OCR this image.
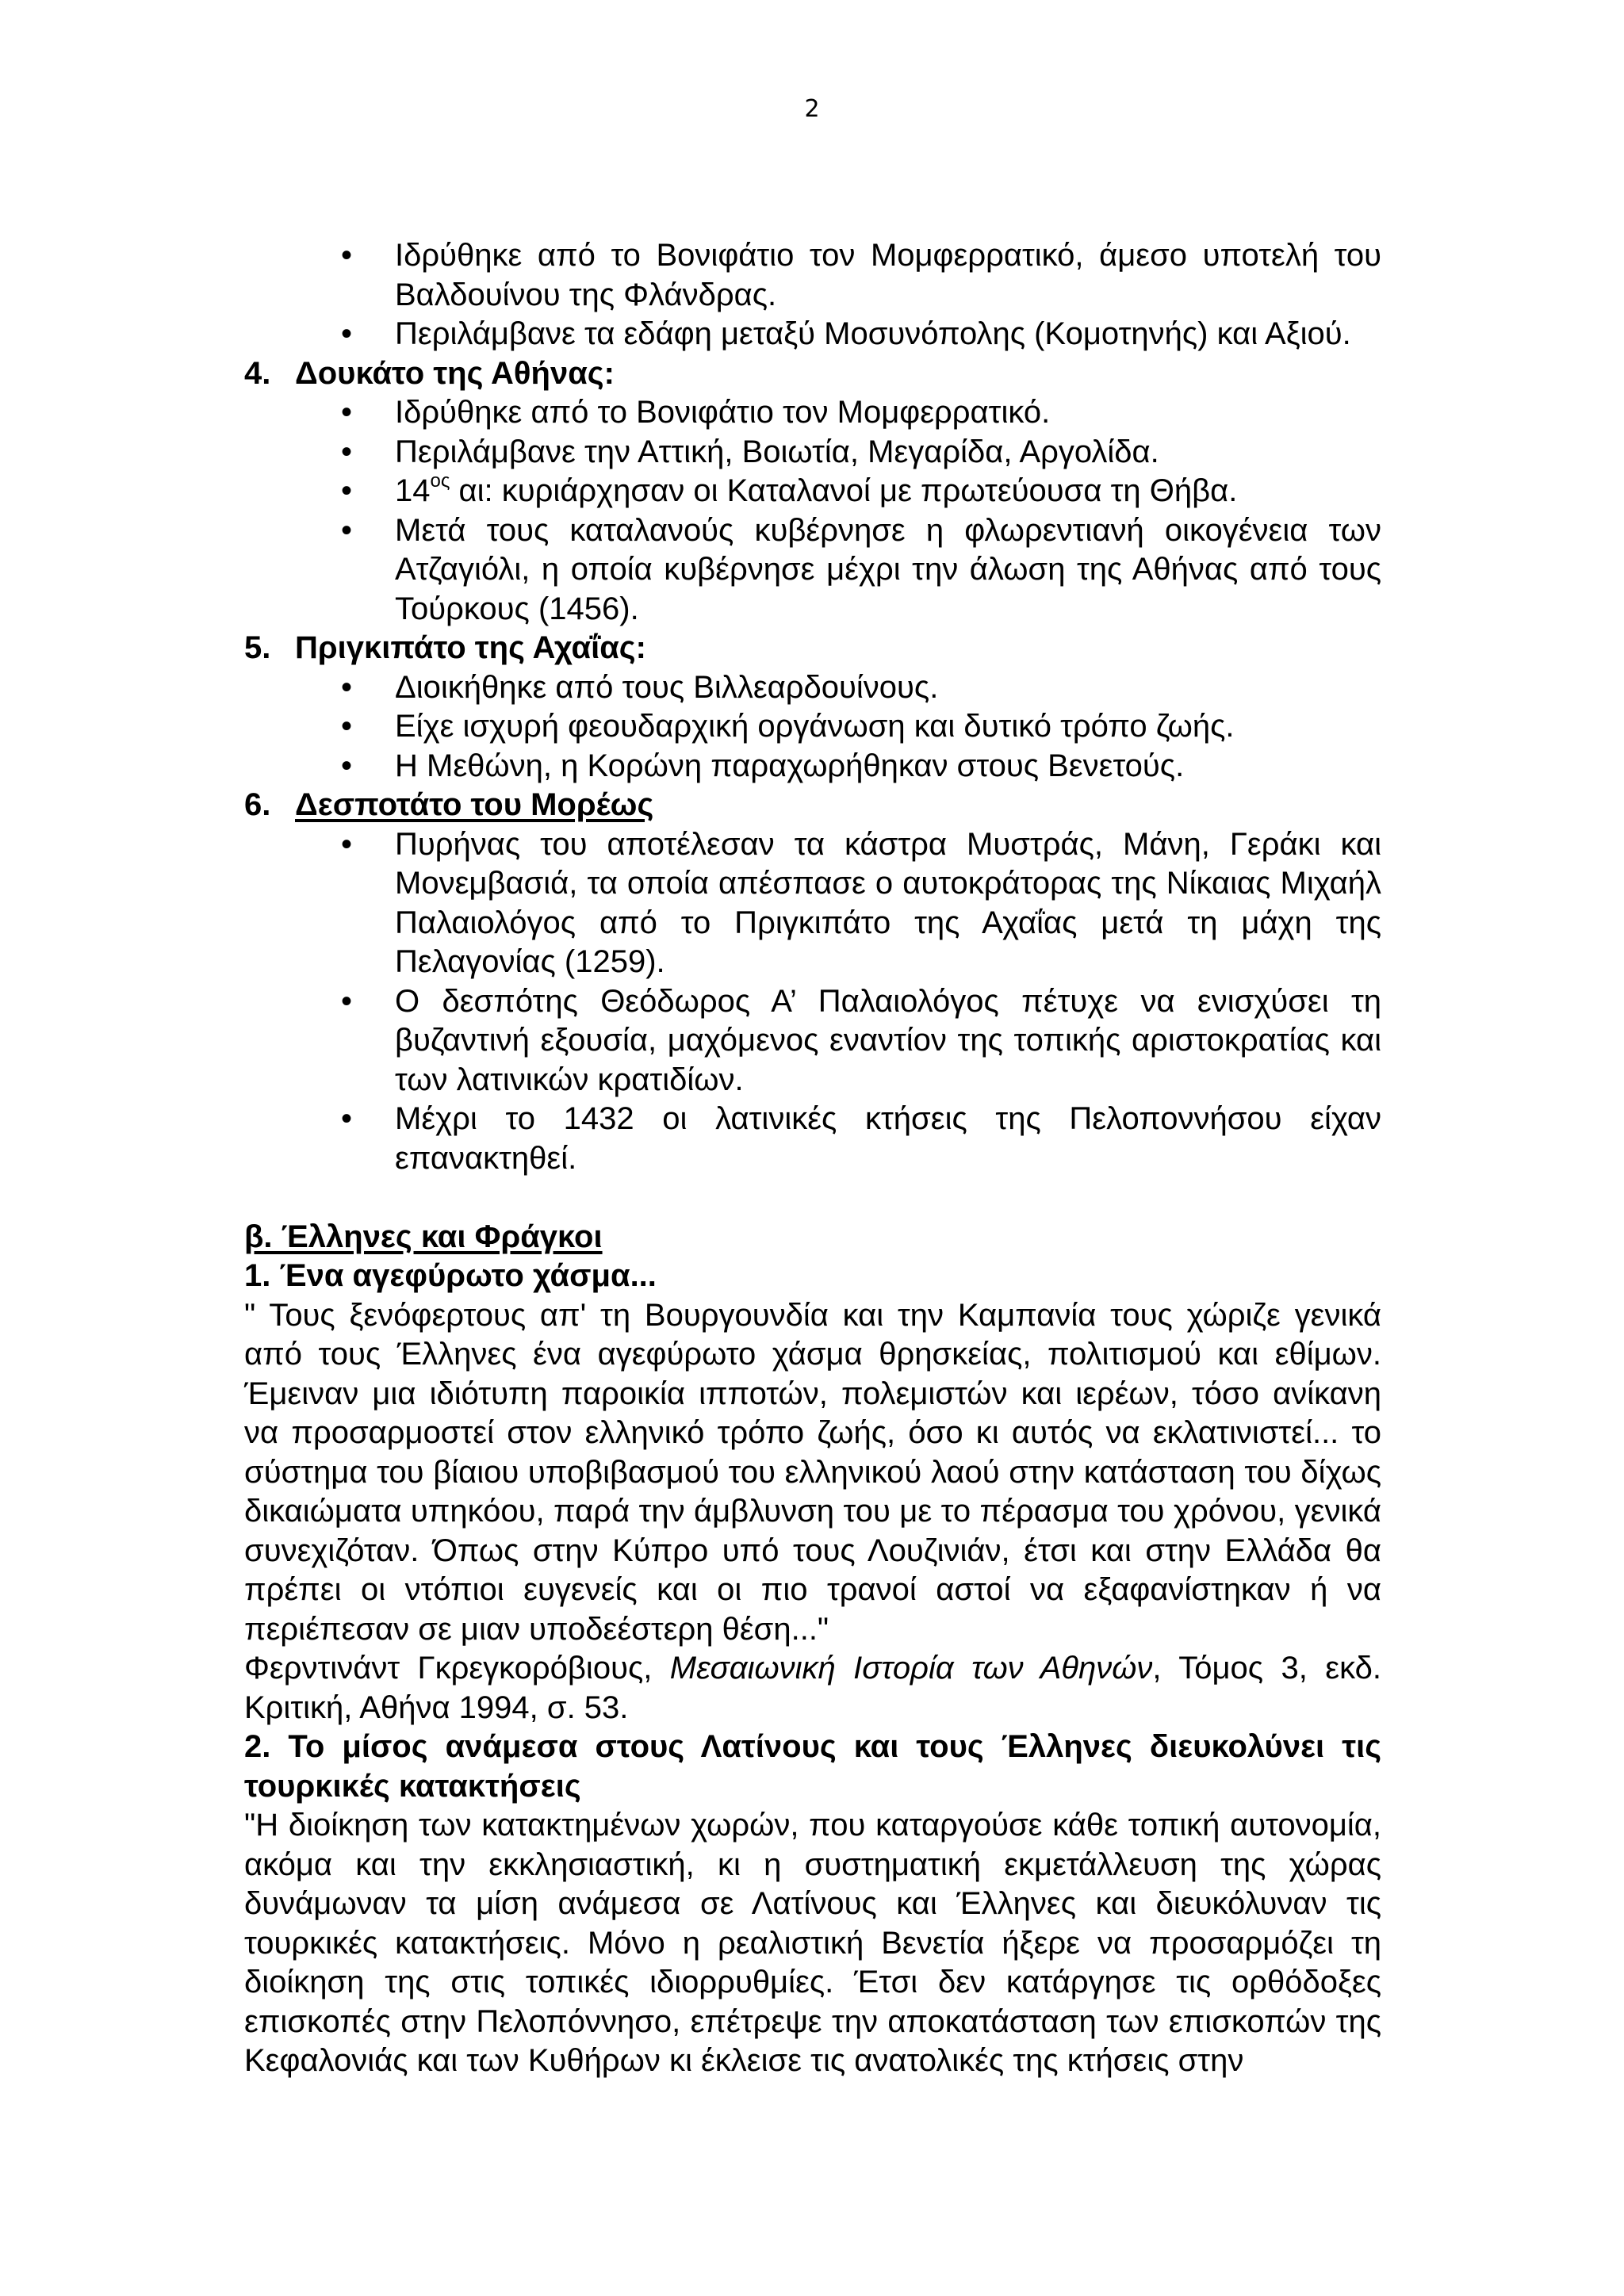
2
• Ιδρύθηκε από το Βονιφάτιο τον Μομφερρατικό, άμεσο υποτελή του Βαλδουίνου της Φλάνδρας.
• Περιλάμβανε τα εδάφη μεταξύ Μοσυνόπολης (Κομοτηνής) και Αξιού.
4. Δουκάτο της Αθήνας:
• Ιδρύθηκε από το Βονιφάτιο τον Μομφερρατικό.
• Περιλάμβανε την Αττική, Βοιωτία, Μεγαρίδα, Αργολίδα.
• $14^{o\varsigma}$ αι: κυριάρχησαν οι Καταλανοί με πρωτεύουσα τη Θήβα.
• Μετά τους καταλανούς κυβέρνησε η φλωρεντιανή οικογένεια των Ατζαγιόλι, η οποία κυβέρνησε μέχρι την άλωση της Αθήνας από τους Τούρκους (1456).
5. Πριγκιπάτο της Αχαΐας:
• Διοικήθηκε από τους Βιλλεαρδουίνους.
• Είχε ισχυρή φεουδαρχική οργάνωση και δυτικό τρόπο ζωής.
• Η Μεθώνη, η Κορώνη παραχωρήθηκαν στους Βενετούς.
6. Δεσποτάτο του Μορέως
• Πυρήνας του αποτέλεσαν τα κάστρα Μυστράς, Μάνη, Γεράκι και Μονεμβασιά, τα οποία απέσπασε ο αυτοκράτορας της Νίκαιας Μιχαήλ Παλαιολόγος από το Πριγκιπάτο της Αχαΐας μετά τη μάχη της Πελαγονίας (1259).
• Ο δεσπότης Θεόδωρος Α’ Παλαιολόγος πέτυχε να ενισχύσει τη βυζαντινή εξουσία, μαχόμενος εναντίον της τοπικής αριστοκρατίας και των λατινικών κρατιδίων.
• Μέχρι το 1432 οι λατινικές κτήσεις της Πελοποννήσου είχαν επανακτηθεί.
β. Έλληνες και Φράγκοι
1. Ένα αγεφύρωτο χάσμα...
" Τους ξενόφερτους απ' τη Βουργουνδία και την Καμπανία τους χώριζε γενικά από τους Έλληνες ένα αγεφύρωτο χάσμα θρησκείας, πολιτισμού και εθίμων. Έμειναν μια ιδιότυπη παροικία ιπποτών, πολεμιστών και ιερέων, τόσο ανίκανη να προσαρμοστεί στον ελληνικό τρόπο ζωής, όσο κι αυτός να εκλατινιστεί... το σύστημα του βίαιου υποβιβασμού του ελληνικού λαού στην κατάσταση του δίχως δικαιώματα υπηκόου, παρά την άμβλυνση του με το πέρασμα του χρόνου, γενικά συνεχιζόταν. Όπως στην Κύπρο υπό τους Λουζινιάν, έτσι και στην Ελλάδα θα πρέπει οι ντόπιοι ευγενείς και οι πιο τρανοί αστοί να εξαφανίστηκαν ή να περιέπεσαν σε μιαν υποδεέστερη θέση..."
Φερντινάντ Γκρεγκορόβιους, Μεσαιωνική Ιστορία των Αθηνών, Τόμος 3, εκδ. Κριτική, Αθήνα 1994, σ. 53.
2. Το μίσος ανάμεσα στους Λατίνους και τους Έλληνες διευκολύνει τις τουρκικές κατακτήσεις
"Η διοίκηση των κατακτημένων χωρών, που καταργούσε κάθε τοπική αυτονομία, ακόμα και την εκκλησιαστική, κι η συστηματική εκμετάλλευση της χώρας δυνάμωναν τα μίση ανάμεσα σε Λατίνους και Έλληνες και διευκόλυναν τις τουρκικές κατακτήσεις. Μόνο η ρεαλιστική Βενετία ήξερε να προσαρμόζει τη διοίκηση της στις τοπικές ιδιορρυθμίες. Έτσι δεν κατάργησε τις ορθόδοξες επισκοπές στην Πελοπόννησο, επέτρεψε την αποκατάσταση των επισκοπών της Κεφαλονιάς και των Κυθήρων κι έκλεισε τις ανατολικές της κτήσεις στην
